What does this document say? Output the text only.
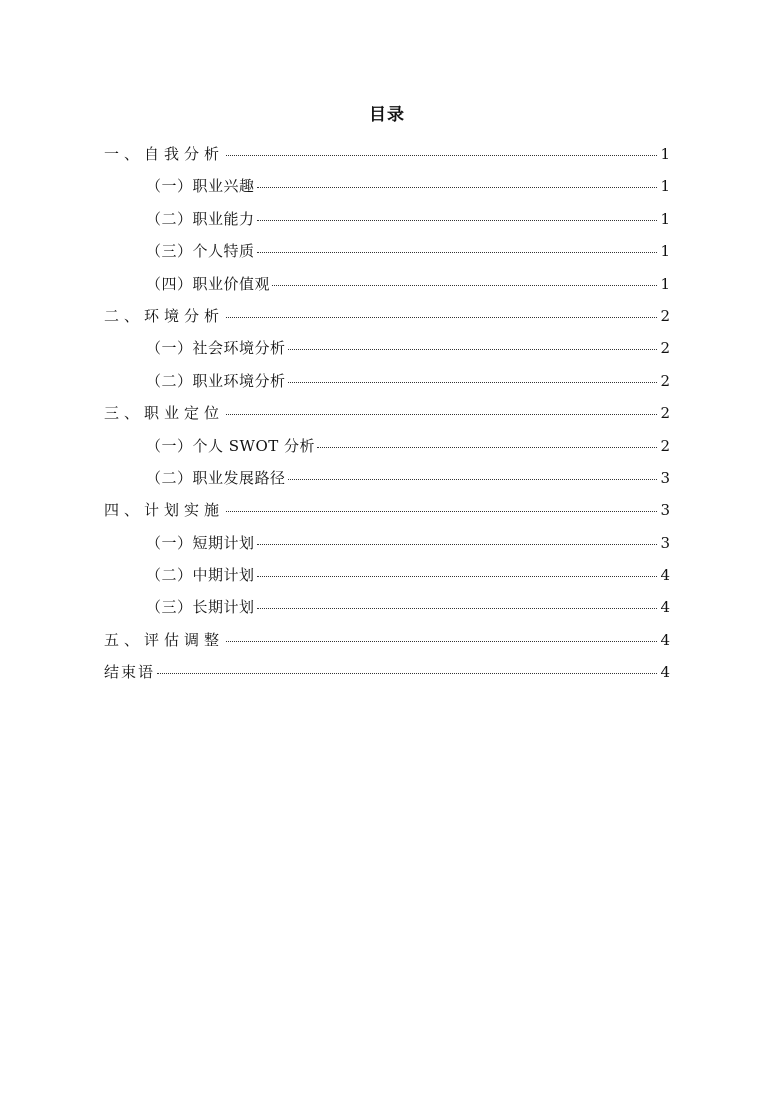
目录
一、自我分析	1
（一）职业兴趣	1
（二）职业能力	1
（三）个人特质	1
（四）职业价值观	1
二、环境分析	2
（一）社会环境分析	2
（二）职业环境分析	2
三、职业定位	2
（一）个人 SWOT 分析	2
（二）职业发展路径	3
四、计划实施	3
（一）短期计划	3
（二）中期计划	4
（三）长期计划	4
五、评估调整	4
结束语	4
